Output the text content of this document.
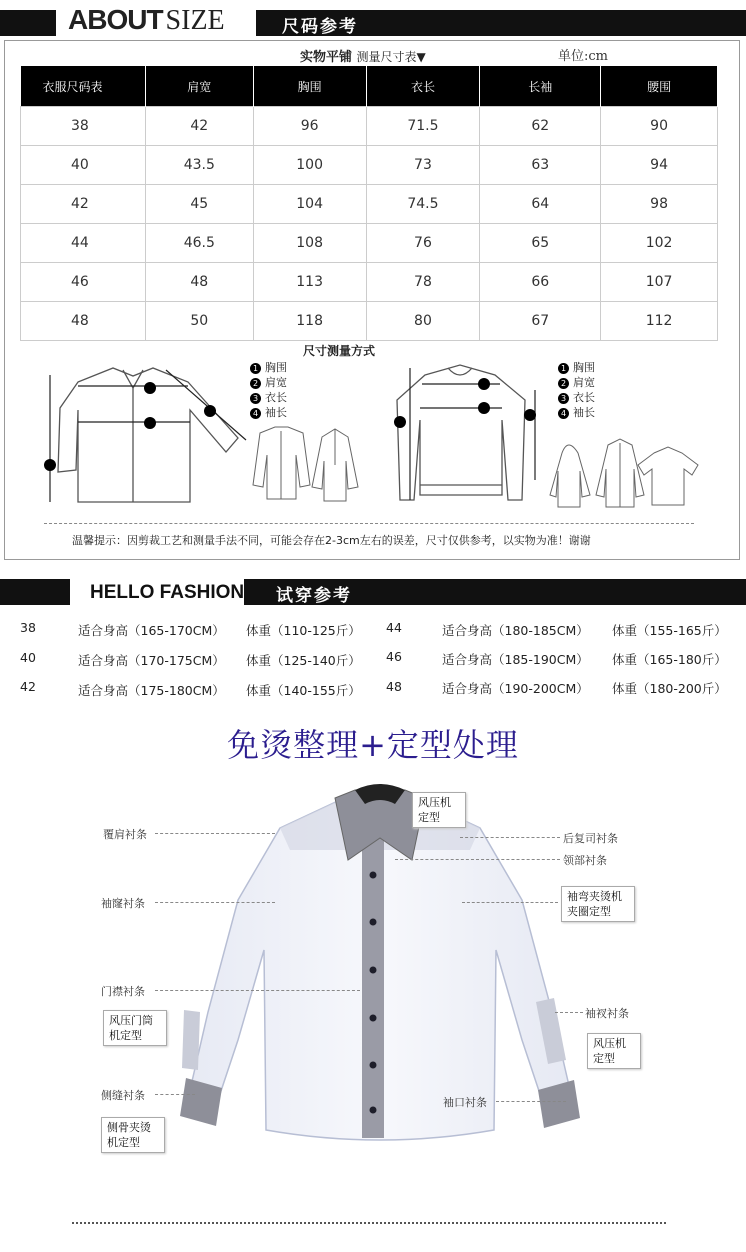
ABOUT SIZE	尺码参考
实物平铺 测量尺寸表▼	单位:cm
衣服尺码表	肩宽	胸围	衣长	长袖	腰围
38	42	96	71.5	62	90
40	43.5	100	73	63	94
42	45	104	74.5	64	98
44	46.5	108	76	65	102
46	48	113	78	66	107
48	50	118	80	67	112
尺寸测量方式
1 胸围
2 肩宽
3 衣长
4 袖长
1 胸围
2 肩宽
3 衣长
4 袖长
温馨提示：因剪裁工艺和测量手法不同，可能会存在2-3cm左右的误差，尺寸仅供参考，以实物为准！谢谢
HELLO FASHION 试穿参考
38	适合身高（165-170CM） 体重（110-125斤）
40	适合身高（170-175CM） 体重（125-140斤）
42	适合身高（175-180CM） 体重（140-155斤）
44	适合身高（180-185CM） 体重（155-165斤）
46	适合身高（185-190CM） 体重（165-180斤）
48	适合身高（190-200CM） 体重（180-200斤）
免烫整理+定型处理
覆肩衬条
袖窿衬条
门襟衬条
风压门筒机定型
侧缝衬条
侧骨夹烫机定型
风压机定型
后复司衬条
领部衬条
袖弯夹烫机夹圈定型
袖衩衬条
风压机定型
袖口衬条
